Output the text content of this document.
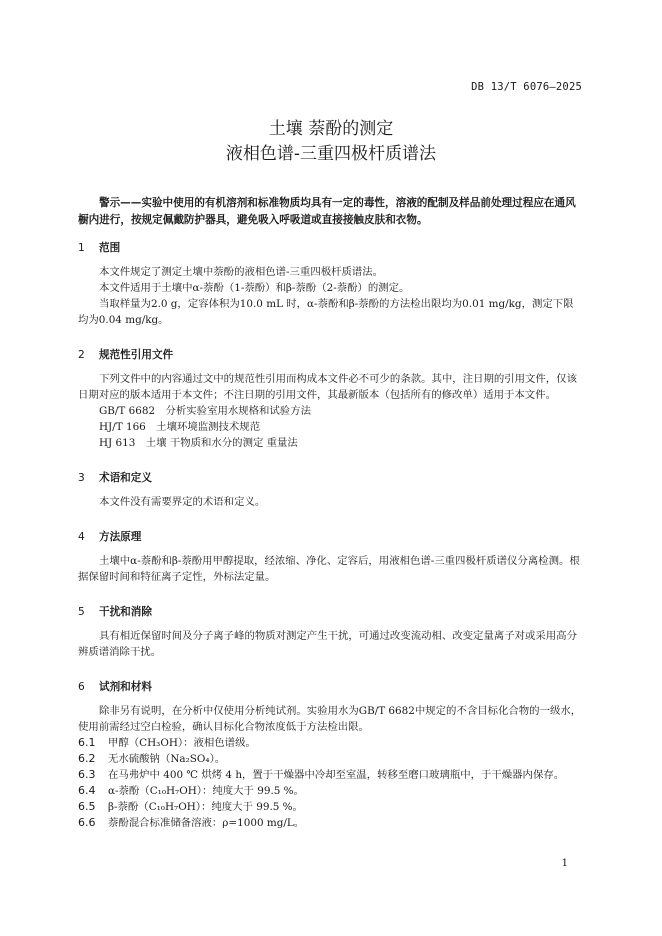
DB 13/T 6076—2025
土壤 萘酚的测定
液相色谱-三重四极杆质谱法
警示——实验中使用的有机溶剂和标准物质均具有一定的毒性，溶液的配制及样品前处理过程应在通风橱内进行，按规定佩戴防护器具，避免吸入呼吸道或直接接触皮肤和衣物。
1 范围

本文件规定了测定土壤中萘酚的液相色谱-三重四极杆质谱法。

本文件适用于土壤中α-萘酚（1-萘酚）和β-萘酚（2-萘酚）的测定。

当取样量为2.0 g，定容体积为10.0 mL 时，α-萘酚和β-萘酚的方法检出限均为0.01 mg/kg，测定下限均为0.04 mg/kg。

2 规范性引用文件

下列文件中的内容通过文中的规范性引用而构成本文件必不可少的条款。其中，注日期的引用文件，仅该日期对应的版本适用于本文件；不注日期的引用文件，其最新版本（包括所有的修改单）适用于本文件。

GB/T 6682　分析实验室用水规格和试验方法

HJ/T 166　土壤环境监测技术规范

HJ 613　土壤 干物质和水分的测定 重量法

3 术语和定义

本文件没有需要界定的术语和定义。

4 方法原理

土壤中α-萘酚和β-萘酚用甲醇提取，经浓缩、净化、定容后，用液相色谱-三重四极杆质谱仪分离检测。根据保留时间和特征离子定性，外标法定量。

5 干扰和消除

具有相近保留时间及分子离子峰的物质对测定产生干扰，可通过改变流动相、改变定量离子对或采用高分辨质谱消除干扰。

6 试剂和材料

除非另有说明，在分析中仅使用分析纯试剂。实验用水为GB/T 6682中规定的不含目标化合物的一级水，使用前需经过空白检验，确认目标化合物浓度低于方法检出限。

6.1 甲醇（CH₃OH）：液相色谱级。

6.2 无水硫酸钠（Na₂SO₄）。

6.3 在马弗炉中 400 ℃ 烘烤 4 h，置于干燥器中冷却至室温，转移至磨口玻璃瓶中，于干燥器内保存。

6.4 α-萘酚（C₁₀H₇OH）：纯度大于 99.5 %。

6.5 β-萘酚（C₁₀H₇OH）：纯度大于 99.5 %。

6.6 萘酚混合标准储备溶液：ρ=1000 mg/L。

1
